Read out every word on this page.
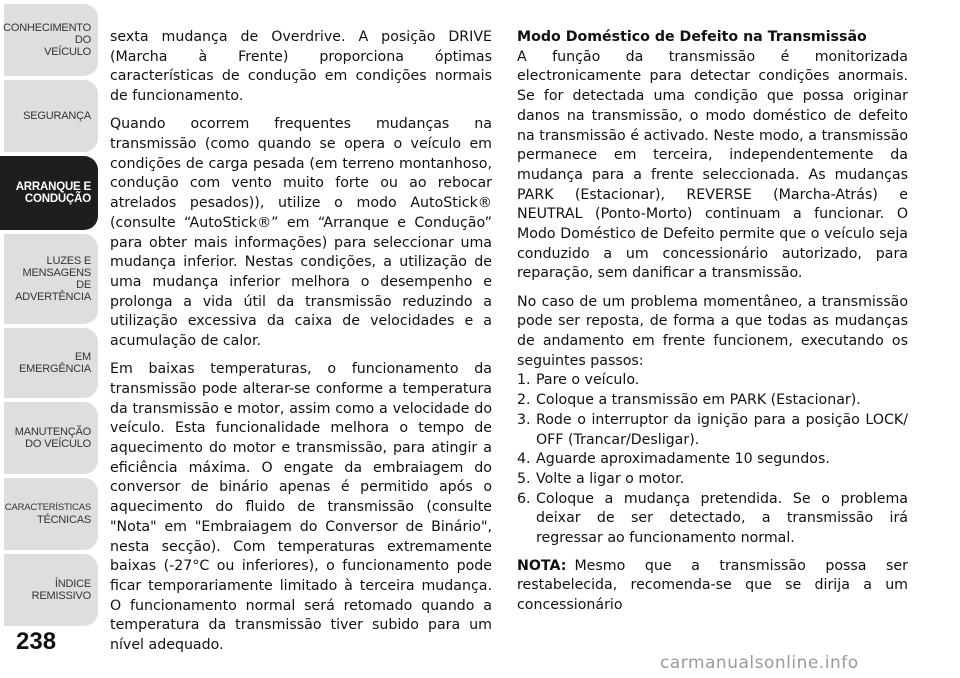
CONHECIMENTO
DO
VEÍCULO
SEGURANÇA
ARRANQUE E
CONDUÇÃO
LUZES E
MENSAGENS
DE
ADVERTÊNCIA
EM
EMERGÊNCIA
MANUTENÇÃO
DO VEÍCULO
CARACTERÍSTICAS
TÉCNICAS
ÍNDICE
REMISSIVO
238

sexta mudança de Overdrive. A posição DRIVE (Marcha à Frente) proporciona óptimas características de condução em condições normais de funcionamento.

Quando ocorrem frequentes mudanças na transmissão (como quando se opera o veículo em condições de carga pesada (em terreno montanhoso, condução com vento muito forte ou ao rebocar atrelados pesados)), utilize o modo AutoStick® (consulte “AutoStick®” em “Arranque e Condução” para obter mais informações) para seleccionar uma mudança inferior. Nestas condições, a utilização de uma mudança inferior melhora o desempenho e prolonga a vida útil da transmissão reduzindo a utilização excessiva da caixa de velocidades e a acumulação de calor.

Em baixas temperaturas, o funcionamento da transmissão pode alterar-se conforme a temperatura da transmissão e motor, assim como a velocidade do veículo. Esta funcionalidade melhora o tempo de aquecimento do motor e transmissão, para atingir a eficiência máxima. O engate da embraiagem do conversor de binário apenas é permitido após o aquecimento do fluido de transmissão (consulte "Nota" em "Embraiagem do Conversor de Binário", nesta secção). Com temperaturas extremamente baixas (-27°C ou inferiores), o funcionamento pode ficar temporariamente limitado à terceira mudança. O funcionamento normal será retomado quando a temperatura da transmissão tiver subido para um nível adequado.

Modo Doméstico de Defeito na Transmissão

A função da transmissão é monitorizada electronicamente para detectar condições anormais. Se for detectada uma condição que possa originar danos na transmissão, o modo doméstico de defeito na transmissão é activado. Neste modo, a transmissão permanece em terceira, independentemente da mudança para a frente seleccionada. As mudanças PARK (Estacionar), REVERSE (Marcha-Atrás) e NEUTRAL (Ponto-Morto) continuam a funcionar. O Modo Doméstico de Defeito permite que o veículo seja conduzido a um concessionário autorizado, para reparação, sem danificar a transmissão.

No caso de um problema momentâneo, a transmissão pode ser reposta, de forma a que todas as mudanças de andamento em frente funcionem, executando os seguintes passos:

1. Pare o veículo.
2. Coloque a transmissão em PARK (Estacionar).
3. Rode o interruptor da ignição para a posição LOCK/ OFF (Trancar/Desligar).
4. Aguarde aproximadamente 10 segundos.
5. Volte a ligar o motor.
6. Coloque a mudança pretendida. Se o problema deixar de ser detectado, a transmissão irá regressar ao funcionamento normal.

NOTA: Mesmo que a transmissão possa ser restabelecida, recomenda-se que se dirija a um concessionário

carmanualsonline.info
